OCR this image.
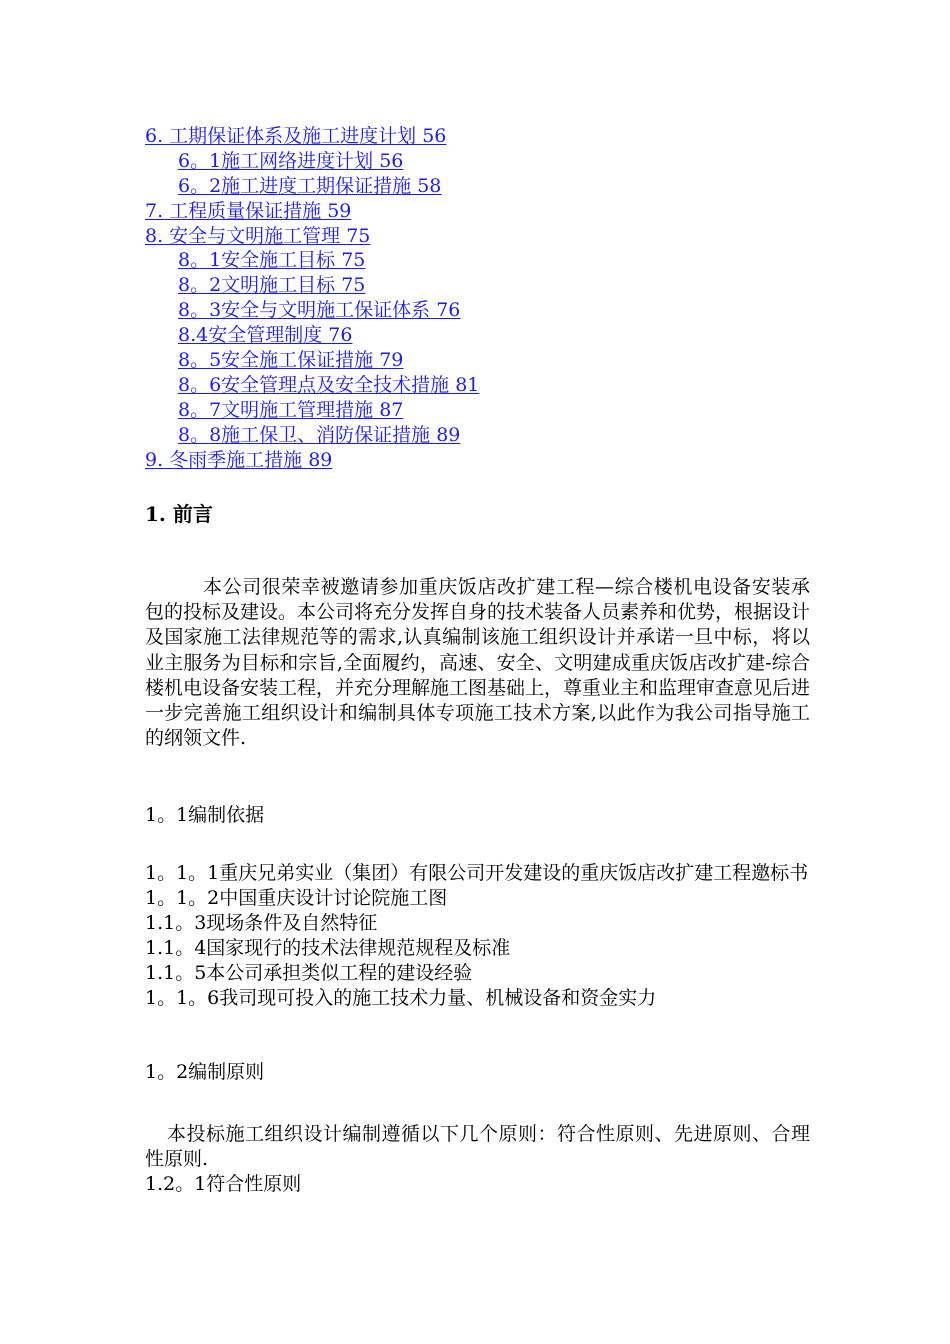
6. 工期保证体系及施工进度计划 56
6。1施工网络进度计划 56
6。2施工进度工期保证措施 58
7. 工程质量保证措施 59
8. 安全与文明施工管理 75
8。1安全施工目标 75
8。2文明施工目标 75
8。3安全与文明施工保证体系 76
8.4安全管理制度 76
8。5安全施工保证措施 79
8。6安全管理点及安全技术措施 81
8。7文明施工管理措施 87
8。8施工保卫、消防保证措施 89
9. 冬雨季施工措施 89
1. 前言
本公司很荣幸被邀请参加重庆饭店改扩建工程—综合楼机电设备安装承包的投标及建设。本公司将充分发挥自身的技术装备人员素养和优势，根据设计及国家施工法律规范等的需求,认真编制该施工组织设计并承诺一旦中标，将以业主服务为目标和宗旨,全面履约，高速、安全、文明建成重庆饭店改扩建-综合楼机电设备安装工程，并充分理解施工图基础上，尊重业主和监理审查意见后进一步完善施工组织设计和编制具体专项施工技术方案,以此作为我公司指导施工的纲领文件.
1。1编制依据
1。1。1重庆兄弟实业（集团）有限公司开发建设的重庆饭店改扩建工程邀标书
1。1。2中国重庆设计讨论院施工图
1.1。3现场条件及自然特征
1.1。4国家现行的技术法律规范规程及标准
1.1。5本公司承担类似工程的建设经验
1。1。6我司现可投入的施工技术力量、机械设备和资金实力
1。2编制原则
本投标施工组织设计编制遵循以下几个原则：符合性原则、先进原则、合理性原则.
1.2。1符合性原则
